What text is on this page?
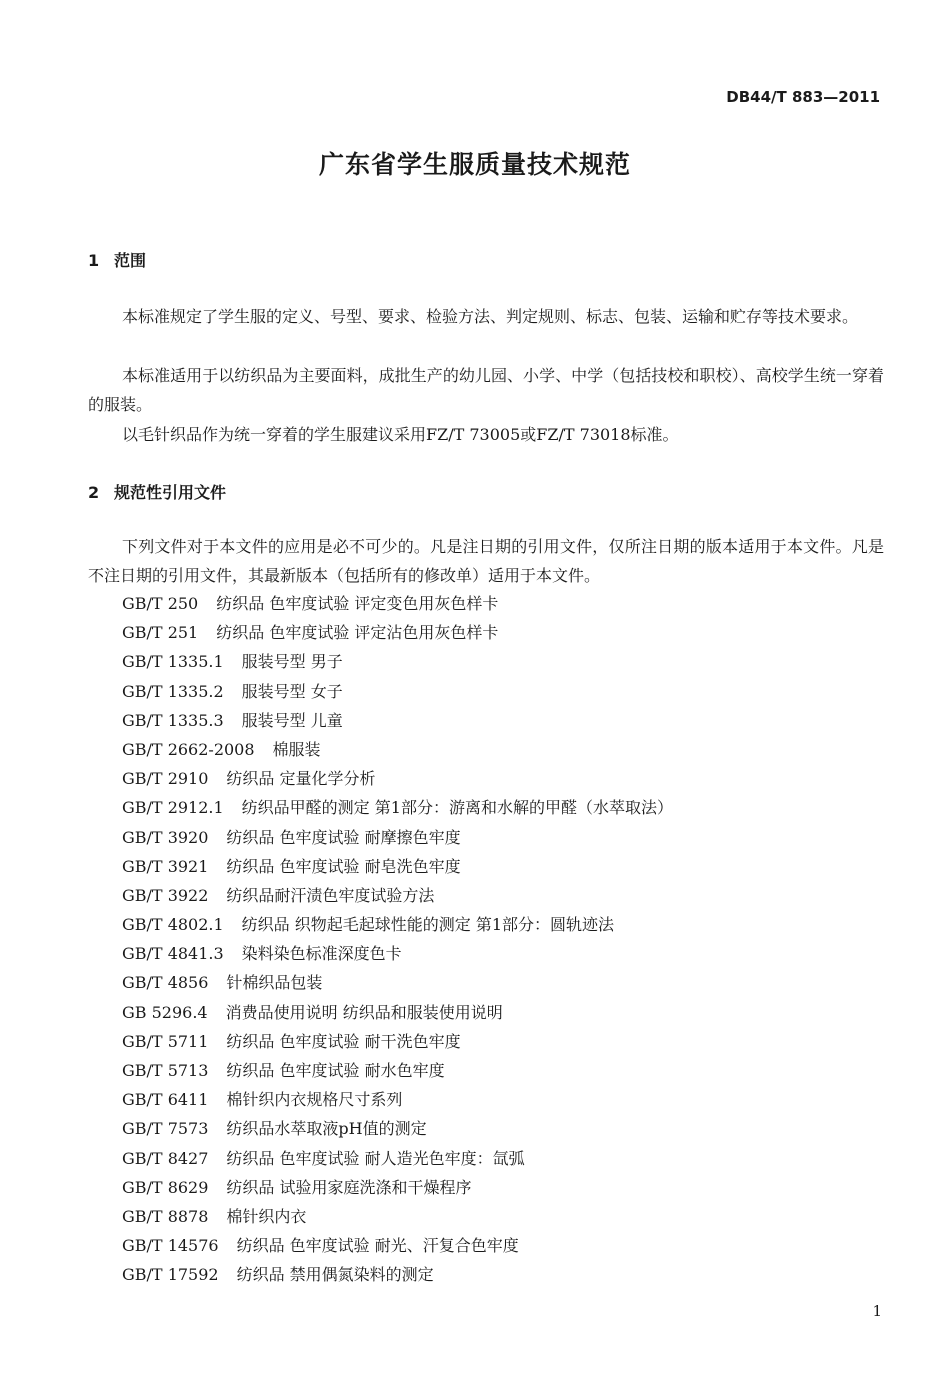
DB44/T 883—2011
广东省学生服质量技术规范
1 范围

本标准规定了学生服的定义、号型、要求、检验方法、判定规则、标志、包装、运输和贮存等技术要求。

本标准适用于以纺织品为主要面料，成批生产的幼儿园、小学、中学（包括技校和职校）、高校学生统一穿着的服装。

以毛针织品作为统一穿着的学生服建议采用FZ/T 73005或FZ/T 73018标准。

2 规范性引用文件

下列文件对于本文件的应用是必不可少的。凡是注日期的引用文件，仅所注日期的版本适用于本文件。凡是不注日期的引用文件，其最新版本（包括所有的修改单）适用于本文件。

GB/T 250 纺织品 色牢度试验 评定变色用灰色样卡
GB/T 251 纺织品 色牢度试验 评定沾色用灰色样卡
GB/T 1335.1 服装号型 男子
GB/T 1335.2 服装号型 女子
GB/T 1335.3 服装号型 儿童
GB/T 2662-2008 棉服装
GB/T 2910 纺织品 定量化学分析
GB/T 2912.1 纺织品甲醛的测定 第1部分：游离和水解的甲醛（水萃取法）
GB/T 3920 纺织品 色牢度试验 耐摩擦色牢度
GB/T 3921 纺织品 色牢度试验 耐皂洗色牢度
GB/T 3922 纺织品耐汗渍色牢度试验方法
GB/T 4802.1 纺织品 织物起毛起球性能的测定 第1部分：圆轨迹法
GB/T 4841.3 染料染色标准深度色卡
GB/T 4856 针棉织品包装
GB 5296.4 消费品使用说明 纺织品和服装使用说明
GB/T 5711 纺织品 色牢度试验 耐干洗色牢度
GB/T 5713 纺织品 色牢度试验 耐水色牢度
GB/T 6411 棉针织内衣规格尺寸系列
GB/T 7573 纺织品水萃取液pH值的测定
GB/T 8427 纺织品 色牢度试验 耐人造光色牢度：氙弧
GB/T 8629 纺织品 试验用家庭洗涤和干燥程序
GB/T 8878 棉针织内衣
GB/T 14576 纺织品 色牢度试验 耐光、汗复合色牢度
GB/T 17592 纺织品 禁用偶氮染料的测定
1
